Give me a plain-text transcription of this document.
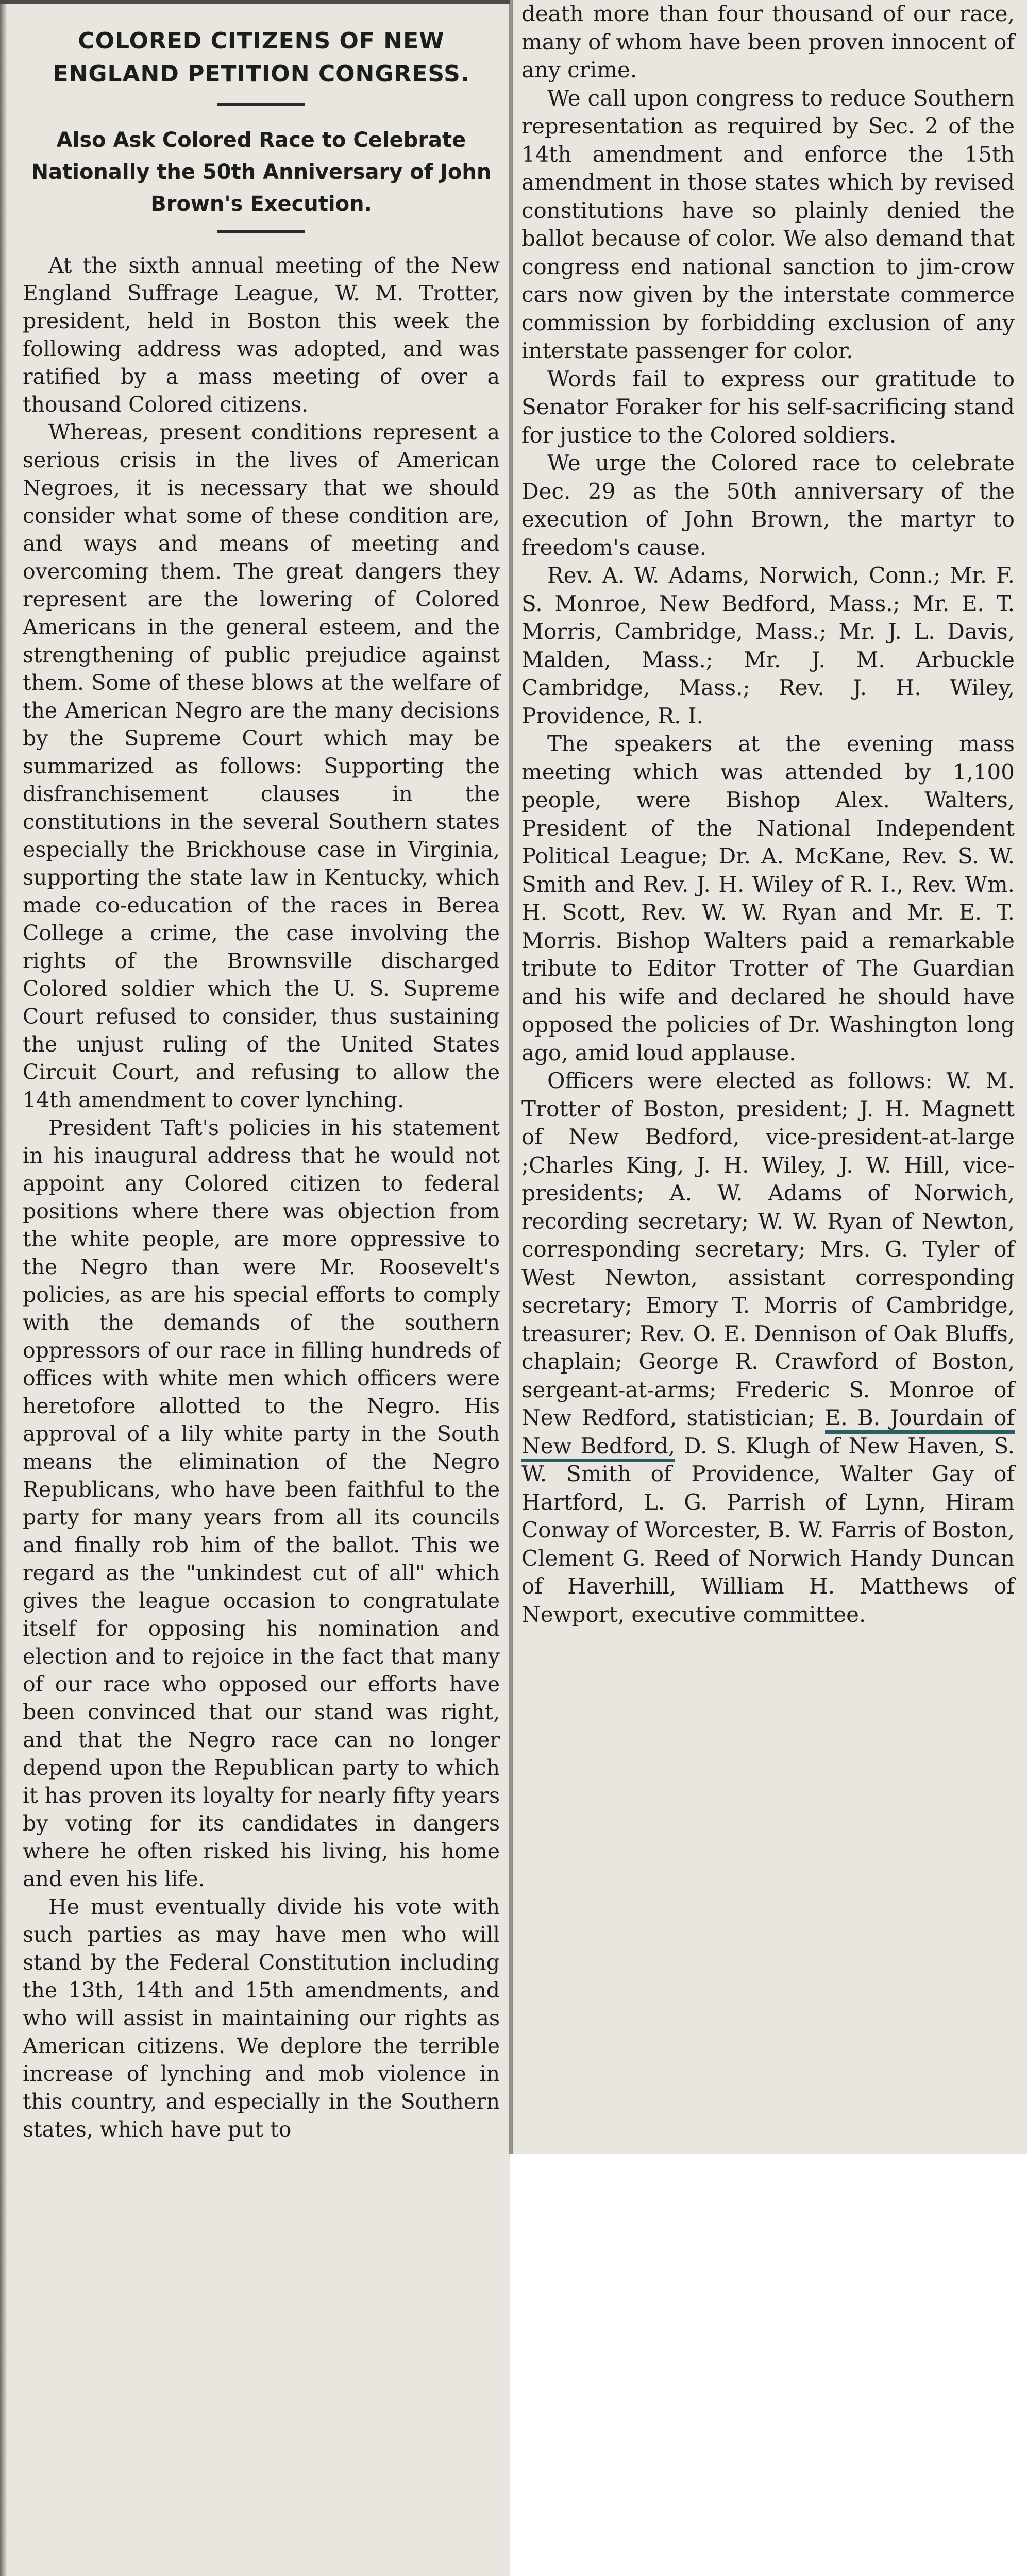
COLORED CITIZENS OF NEW ENGLAND PETITION CONGRESS.
Also Ask Colored Race to Celebrate Nationally the 50th Anniversary of John Brown's Execution.

At the sixth annual meeting of the New England Suffrage League, W. M. Trotter, president, held in Boston this week the following address was adopted, and was ratified by a mass meeting of over a thousand Colored citizens.

Whereas, present conditions represent a serious crisis in the lives of American Negroes, it is necessary that we should consider what some of these condition are, and ways and means of meeting and overcoming them. The great dangers they represent are the lowering of Colored Americans in the general esteem, and the strengthening of public prejudice against them. Some of these blows at the welfare of the American Negro are the many decisions by the Supreme Court which may be summarized as follows: Supporting the disfranchisement clauses in the constitutions in the several Southern states especially the Brickhouse case in Virginia, supporting the state law in Kentucky, which made co-education of the races in Berea College a crime, the case involving the rights of the Brownsville discharged Colored soldier which the U. S. Supreme Court refused to consider, thus sustaining the unjust ruling of the United States Circuit Court, and refusing to allow the 14th amendment to cover lynching.

President Taft's policies in his statement in his inaugural address that he would not appoint any Colored citizen to federal positions where there was objection from the white people, are more oppressive to the Negro than were Mr. Roosevelt's policies, as are his special efforts to comply with the demands of the southern oppressors of our race in filling hundreds of offices with white men which officers were heretofore allotted to the Negro. His approval of a lily white party in the South means the elimination of the Negro Republicans, who have been faithful to the party for many years from all its councils and finally rob him of the ballot. This we regard as the "unkindest cut of all" which gives the league occasion to congratulate itself for opposing his nomination and election and to rejoice in the fact that many of our race who opposed our efforts have been convinced that our stand was right, and that the Negro race can no longer depend upon the Republican party to which it has proven its loyalty for nearly fifty years by voting for its candidates in dangers where he often risked his living, his home and even his life.

He must eventually divide his vote with such parties as may have men who will stand by the Federal Constitution including the 13th, 14th and 15th amendments, and who will assist in maintaining our rights as American citizens. We deplore the terrible increase of lynching and mob violence in this country, and especially in the Southern states, which have put to

death more than four thousand of our race, many of whom have been proven innocent of any crime.

We call upon congress to reduce Southern representation as required by Sec. 2 of the 14th amendment and enforce the 15th amendment in those states which by revised constitutions have so plainly denied the ballot because of color. We also demand that congress end national sanction to jim-crow cars now given by the interstate commerce commission by forbidding exclusion of any interstate passenger for color.

Words fail to express our gratitude to Senator Foraker for his self-sacrificing stand for justice to the Colored soldiers.

We urge the Colored race to celebrate Dec. 29 as the 50th anniversary of the execution of John Brown, the martyr to freedom's cause.

Rev. A. W. Adams, Norwich, Conn.; Mr. F. S. Monroe, New Bedford, Mass.; Mr. E. T. Morris, Cambridge, Mass.; Mr. J. L. Davis, Malden, Mass.; Mr. J. M. Arbuckle Cambridge, Mass.; Rev. J. H. Wiley, Providence, R. I.

The speakers at the evening mass meeting which was attended by 1,100 people, were Bishop Alex. Walters, President of the National Independent Political League; Dr. A. McKane, Rev. S. W. Smith and Rev. J. H. Wiley of R. I., Rev. Wm. H. Scott, Rev. W. W. Ryan and Mr. E. T. Morris. Bishop Walters paid a remarkable tribute to Editor Trotter of The Guardian and his wife and declared he should have opposed the policies of Dr. Washington long ago, amid loud applause.

Officers were elected as follows: W. M. Trotter of Boston, president; J. H. Magnett of New Bedford, vice-president-at-large ;Charles King, J. H. Wiley, J. W. Hill, vice-presidents; A. W. Adams of Norwich, recording secretary; W. W. Ryan of Newton, corresponding secretary; Mrs. G. Tyler of West Newton, assistant corresponding secretary; Emory T. Morris of Cambridge, treasurer; Rev. O. E. Dennison of Oak Bluffs, chaplain; George R. Crawford of Boston, sergeant-at-arms; Frederic S. Monroe of New Redford, statistician; E. B. Jourdain of New Bedford, D. S. Klugh of New Haven, S. W. Smith of Providence, Walter Gay of Hartford, L. G. Parrish of Lynn, Hiram Conway of Worcester, B. W. Farris of Boston, Clement G. Reed of Norwich Handy Duncan of Haverhill, William H. Matthews of Newport, executive committee.
